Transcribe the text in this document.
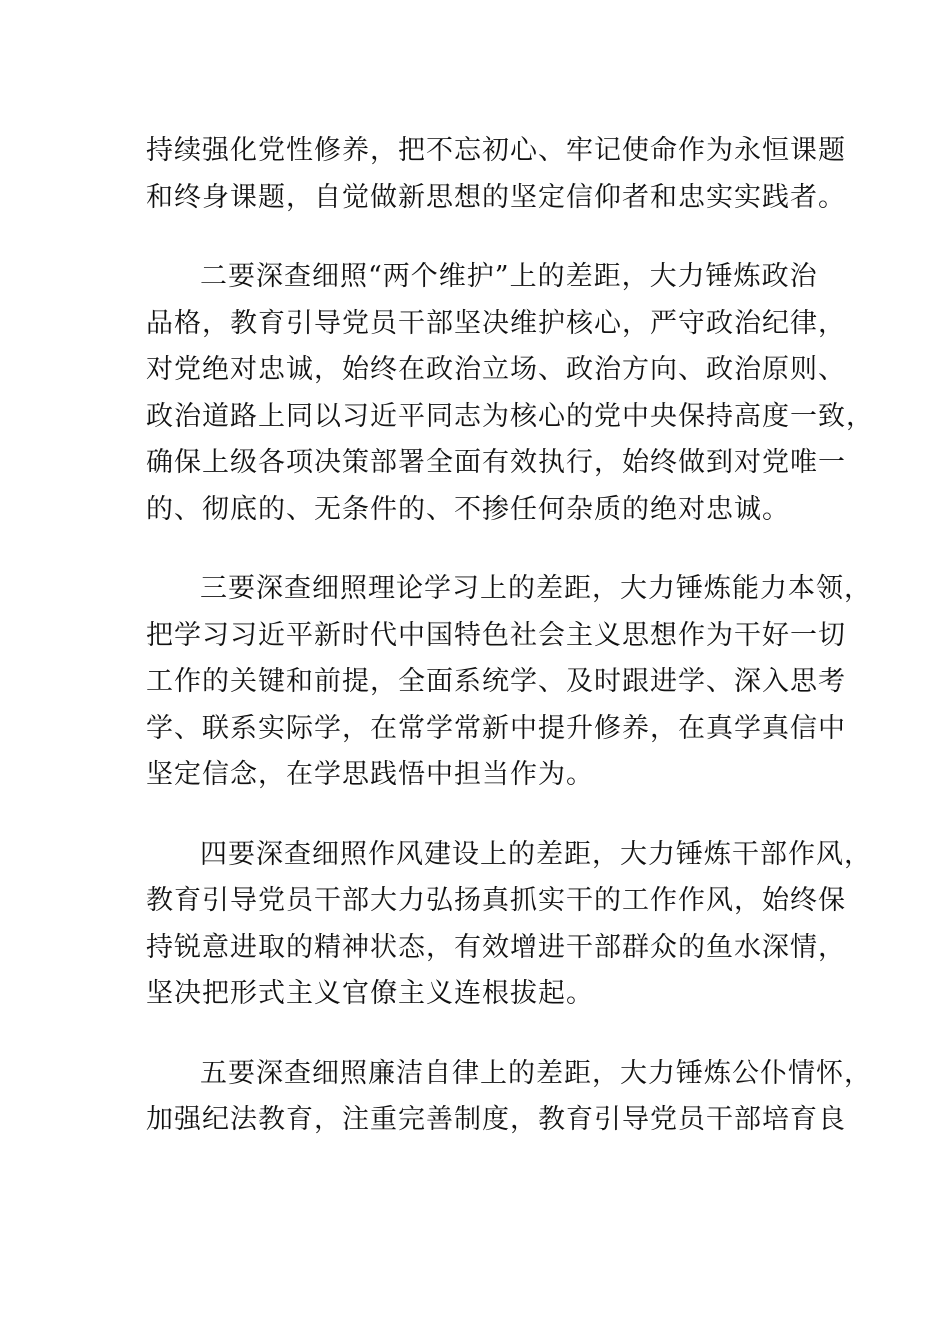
持续强化党性修养，把不忘初心、牢记使命作为永恒课题
和终身课题，自觉做新思想的坚定信仰者和忠实实践者。

二要深查细照“两个维护”上的差距，大力锤炼政治
品格，教育引导党员干部坚决维护核心，严守政治纪律，
对党绝对忠诚，始终在政治立场、政治方向、政治原则、
政治道路上同以习近平同志为核心的党中央保持高度一致，
确保上级各项决策部署全面有效执行，始终做到对党唯一
的、彻底的、无条件的、不掺任何杂质的绝对忠诚。

三要深查细照理论学习上的差距，大力锤炼能力本领，
把学习习近平新时代中国特色社会主义思想作为干好一切
工作的关键和前提，全面系统学、及时跟进学、深入思考
学、联系实际学，在常学常新中提升修养，在真学真信中
坚定信念，在学思践悟中担当作为。

四要深查细照作风建设上的差距，大力锤炼干部作风，
教育引导党员干部大力弘扬真抓实干的工作作风，始终保
持锐意进取的精神状态，有效增进干部群众的鱼水深情，
坚决把形式主义官僚主义连根拔起。

五要深查细照廉洁自律上的差距，大力锤炼公仆情怀，
加强纪法教育，注重完善制度，教育引导党员干部培育良
